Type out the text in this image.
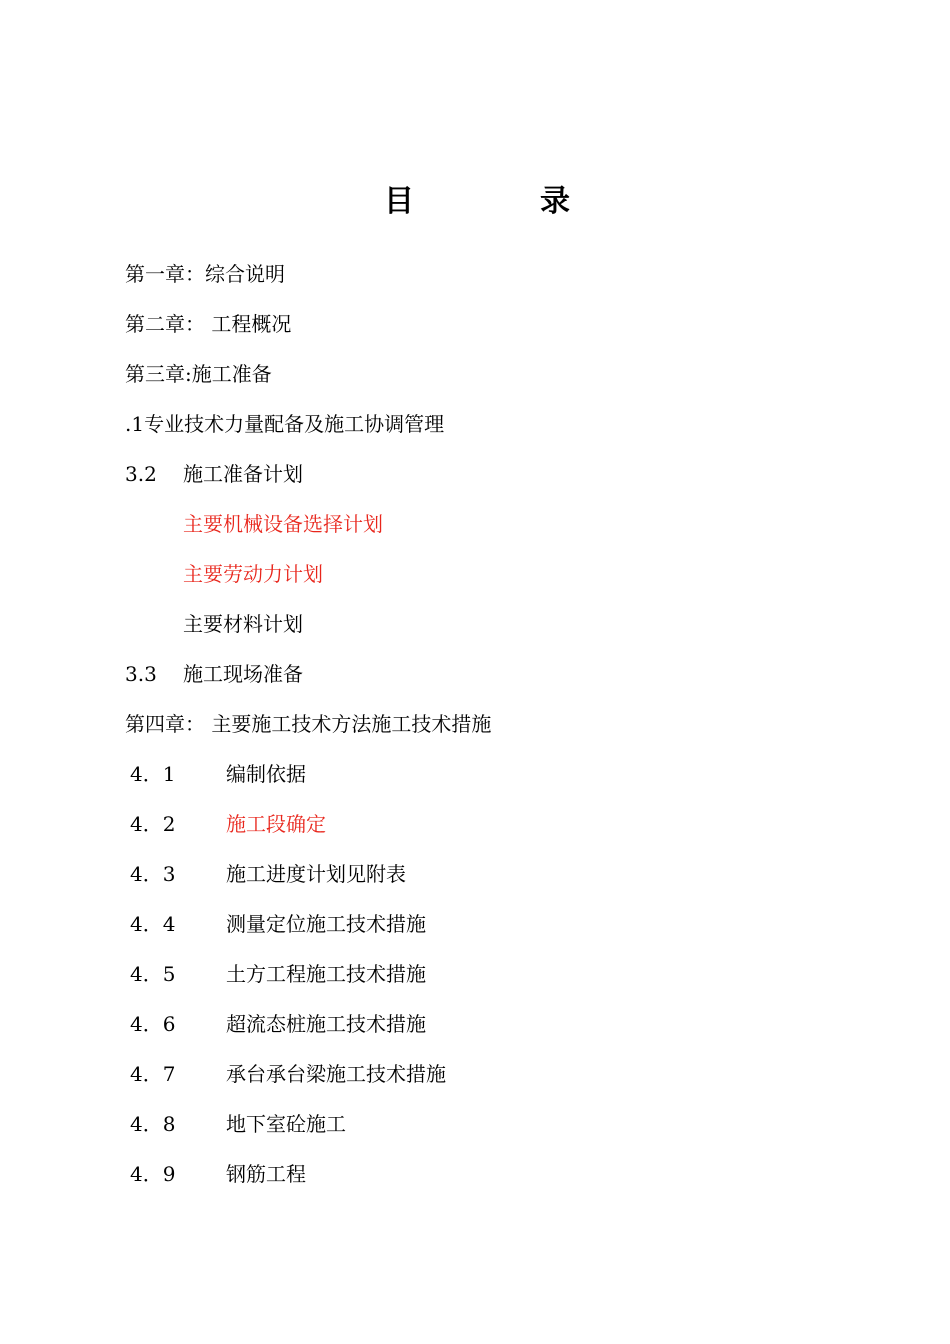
目	录
第一章：综合说明
第二章： 工程概况
第三章:施工准备
.1专业技术力量配备及施工协调管理
3.2 施工准备计划
主要机械设备选择计划
主要劳动力计划
主要材料计划
3.3 施工现场准备
第四章： 主要施工技术方法施工技术措施
4．1	编制依据
4．2	施工段确定
4．3	施工进度计划见附表
4．4	测量定位施工技术措施
4．5	土方工程施工技术措施
4．6	超流态桩施工技术措施
4．7	承台承台梁施工技术措施
4．8	地下室砼施工
4．9	钢筋工程
